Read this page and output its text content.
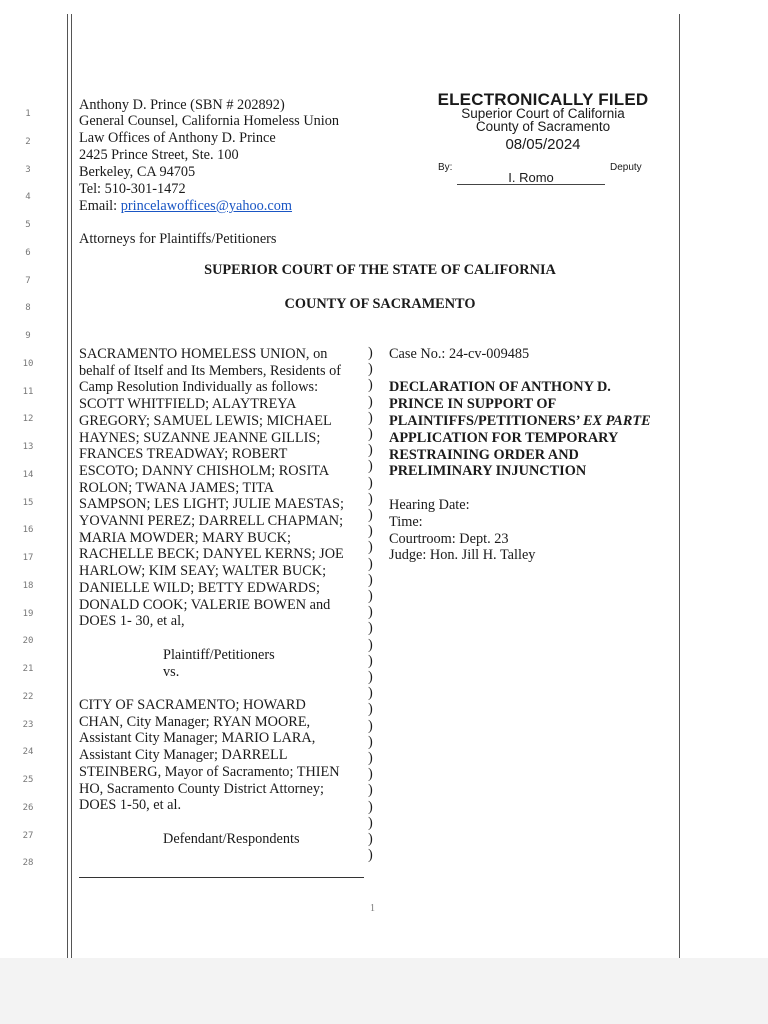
1
2
3
4
5
6
7
8
9
10
11
12
13
14
15
16
17
18
19
20
21
22
23
24
25
26
27
28
Anthony D. Prince (SBN # 202892)
General Counsel, California Homeless Union
Law Offices of Anthony D. Prince
2425 Prince Street, Ste. 100
Berkeley, CA 94705
Tel: 510-301-1472
Email: princelawoffices@yahoo.com
Attorneys for Plaintiffs/Petitioners
ELECTRONICALLY FILED
Superior Court of California
County of Sacramento
08/05/2024
By:
I. Romo
Deputy
SUPERIOR COURT OF THE STATE OF CALIFORNIA
COUNTY OF SACRAMENTO
SACRAMENTO HOMELESS UNION, on
behalf of Itself and Its Members, Residents of
Camp Resolution Individually as follows:
SCOTT WHITFIELD; ALAYTREYA
GREGORY; SAMUEL LEWIS; MICHAEL
HAYNES; SUZANNE JEANNE GILLIS;
FRANCES TREADWAY; ROBERT
ESCOTO; DANNY CHISHOLM; ROSITA
ROLON; TWANA JAMES; TITA
SAMPSON; LES LIGHT; JULIE MAESTAS;
YOVANNI PEREZ; DARRELL CHAPMAN;
MARIA MOWDER; MARY BUCK;
RACHELLE BECK; DANYEL KERNS; JOE
HARLOW; KIM SEAY; WALTER BUCK;
DANIELLE WILD; BETTY EDWARDS;
DONALD COOK; VALERIE BOWEN and
DOES 1- 30, et al,
Plaintiff/Petitioners
vs.
CITY OF SACRAMENTO; HOWARD
CHAN, City Manager; RYAN MOORE,
Assistant City Manager; MARIO LARA,
Assistant City Manager; DARRELL
STEINBERG, Mayor of Sacramento; THIEN
HO, Sacramento County District Attorney;
DOES 1-50, et al.
Defendant/Respondents
)
)
)
)
)
)
)
)
)
)
)
)
)
)
)
)
)
)
)
)
)
)
)
)
)
)
)
)
)
)
)
)
Case No.: 24-cv-009485
DECLARATION OF ANTHONY D.
PRINCE IN SUPPORT OF
PLAINTIFFS/PETITIONERS’ EX PARTE
APPLICATION FOR TEMPORARY
RESTRAINING ORDER AND
PRELIMINARY INJUNCTION
Hearing Date:
Time:
Courtroom: Dept. 23
Judge: Hon. Jill H. Talley
1
